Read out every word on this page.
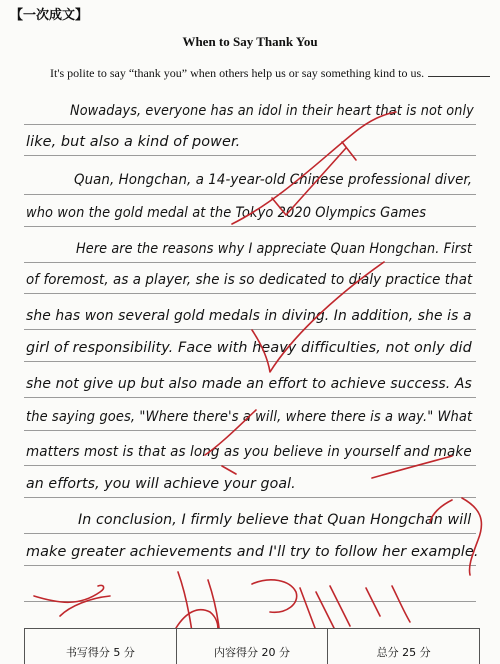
【一次成文】
When to Say Thank You
It's polite to say “thank you” when others help us or say something kind to us.
Nowadays, everyone has an idol in their heart that is not only
like, but also a kind of power.
Quan, Hongchan, a 14-year-old Chinese professional diver,
who won the gold medal at the Tokyo 2020 Olympics Games
Here are the reasons why I appreciate Quan Hongchan. First
of foremost, as a player, she is so dedicated to dialy practice that
she has won several gold medals in diving. In addition, she is a
girl of responsibility. Face with heavy difficulties, not only did
she not give up but also made an effort to achieve success. As
the saying goes, "Where there's a will, where there is a way." What
matters most is that as long as you believe in yourself and make
an efforts, you will achieve your goal.
In conclusion, I firmly believe that Quan Hongchan will
make greater achievements and I'll try to follow her example.
书写得分 5 分	内容得分 20 分	总分 25 分
